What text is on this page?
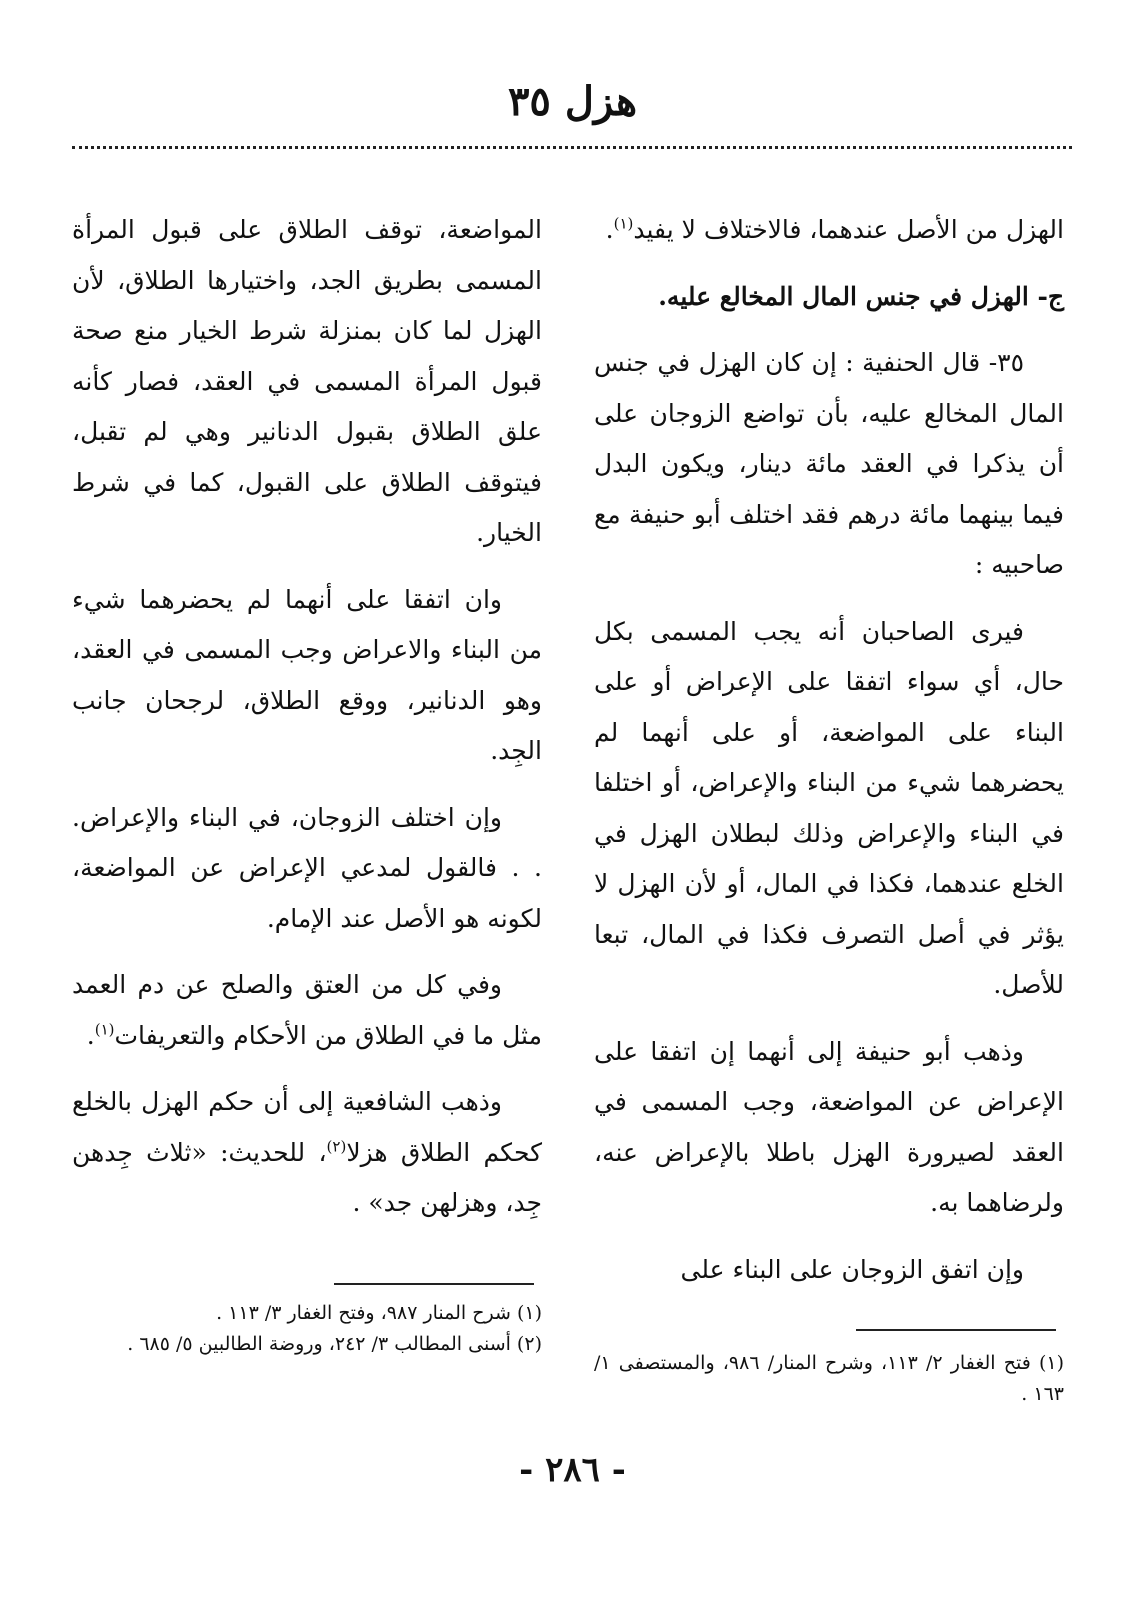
هزل ٣٥

الهزل من الأصل عندهما، فالاختلاف لا يفيد$^{(١)}$.

ج- الهزل في جنس المال المخالع عليه.

٣٥- قال الحنفية : إن كان الهزل في جنس المال المخالع عليه، بأن تواضع الزوجان على أن يذكرا في العقد مائة دينار، ويكون البدل فيما بينهما مائة درهم فقد اختلف أبو حنيفة مع صاحبيه :

فيرى الصاحبان أنه يجب المسمى بكل حال، أي سواء اتفقا على الإعراض أو على البناء على المواضعة، أو على أنهما لم يحضرهما شيء من البناء والإعراض، أو اختلفا في البناء والإعراض وذلك لبطلان الهزل في الخلع عندهما، فكذا في المال، أو لأن الهزل لا يؤثر في أصل التصرف فكذا في المال، تبعا للأصل.

وذهب أبو حنيفة إلى أنهما إن اتفقا على الإعراض عن المواضعة، وجب المسمى في العقد لصيرورة الهزل باطلا بالإعراض عنه، ولرضاهما به.

وإن اتفق الزوجان على البناء على

المواضعة، توقف الطلاق على قبول المرأة المسمى بطريق الجد، واختيارها الطلاق، لأن الهزل لما كان بمنزلة شرط الخيار منع صحة قبول المرأة المسمى في العقد، فصار كأنه علق الطلاق بقبول الدنانير وهي لم تقبل، فيتوقف الطلاق على القبول، كما في شرط الخيار.

وان اتفقا على أنهما لم يحضرهما شيء من البناء والاعراض وجب المسمى في العقد، وهو الدنانير، ووقع الطلاق، لرجحان جانب الجِد.

وإن اختلف الزوجان، في البناء والإعراض. . . فالقول لمدعي الإعراض عن المواضعة، لكونه هو الأصل عند الإمام.

وفي كل من العتق والصلح عن دم العمد مثل ما في الطلاق من الأحكام والتعريفات$^{(١)}$.

وذهب الشافعية إلى أن حكم الهزل بالخلع كحكم الطلاق هزلا$^{(٢)}$، للحديث: «ثلاث جِدهن جِد، وهزلهن جد» .

(١) فتح الغفار ٢/ ١١٣، وشرح المنار/ ٩٨٦، والمستصفى ١/ ١٦٣ .

(١) شرح المنار ٩٨٧، وفتح الغفار ٣/ ١١٣ .

(٢) أسنى المطالب ٣/ ٢٤٢، وروضة الطالبين ٥/ ٦٨٥ .

- ٢٨٦ -
